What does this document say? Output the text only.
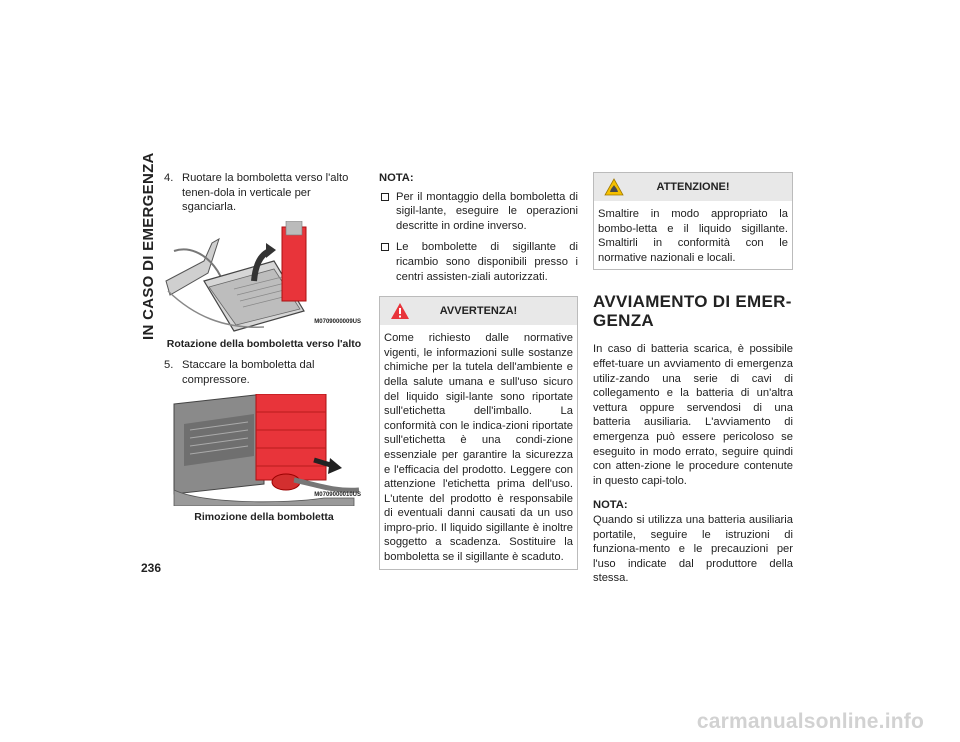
IN CASO DI EMERGENZA 4. Ruotare la bomboletta verso l'alto tenen-dola in verticale per sganciarla.
M0709000009US
Rotazione della bomboletta verso l'alto
5. Staccare la bomboletta dal compressore.
M0709000010US
Rimozione della bomboletta
NOTA:
Per il montaggio della bomboletta di sigil-lante, eseguire le operazioni descritte in ordine inverso.
Le bombolette di sigillante di ricambio sono disponibili presso i centri assisten-ziali autorizzati.
AVVERTENZA!
Come richiesto dalle normative vigenti, le informazioni sulle sostanze chimiche per la tutela dell'ambiente e della salute umana e sull'uso sicuro del liquido sigil-lante sono riportate sull'etichetta dell'imballo. La conformità con le indica-zioni riportate sull'etichetta è una condi-zione essenziale per garantire la sicurezza e l'efficacia del prodotto. Leggere con attenzione l'etichetta prima dell'uso. L'utente del prodotto è responsabile di eventuali danni causati da un uso impro-prio. Il liquido sigillante è inoltre soggetto a scadenza. Sostituire la bomboletta se il sigillante è scaduto.
ATTENZIONE!
Smaltire in modo appropriato la bombo-letta e il liquido sigillante. Smaltirli in conformità con le normative nazionali e locali.
AVVIAMENTO DI EMER-GENZA
In caso di batteria scarica, è possibile effet-tuare un avviamento di emergenza utiliz-zando una serie di cavi di collegamento e la batteria di un'altra vettura oppure servendosi di una batteria ausiliaria. L'avviamento di emergenza può essere pericoloso se eseguito in modo errato, seguire quindi con atten-zione le procedure contenute in questo capi-tolo.
NOTA:
Quando si utilizza una batteria ausiliaria portatile, seguire le istruzioni di funziona-mento e le precauzioni per l'uso indicate dal produttore della stessa.
236
carmanualsonline.info
